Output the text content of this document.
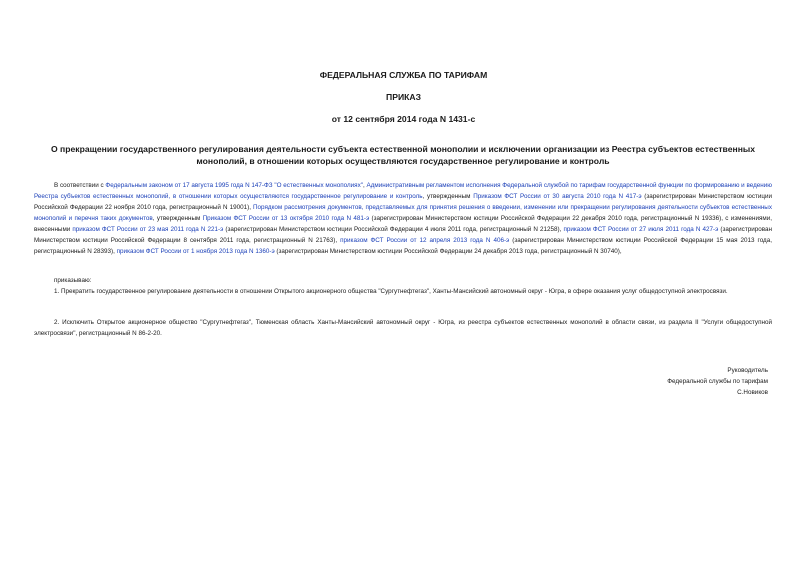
ФЕДЕРАЛЬНАЯ СЛУЖБА ПО ТАРИФАМ
ПРИКАЗ
от 12 сентября 2014 года N 1431-с
О прекращении государственного регулирования деятельности субъекта естественной монополии и исключении организации из Реестра субъектов естественных монополий, в отношении которых осуществляются государственное регулирование и контроль
В соответствии с Федеральным законом от 17 августа 1995 года N 147-ФЗ "О естественных монополиях", Административным регламентом исполнения Федеральной службой по тарифам государственной функции по формированию и ведению Реестра субъектов естественных монополий, в отношении которых осуществляются государственное регулирование и контроль, утвержденным Приказом ФСТ России от 30 августа 2010 года N 417-э (зарегистрирован Министерством юстиции Российской Федерации 22 ноября 2010 года, регистрационный N 19001), Порядком рассмотрения документов, представляемых для принятия решения о введении, изменении или прекращении регулирования деятельности субъектов естественных монополий и перечня таких документов, утвержденным Приказом ФСТ России от 13 октября 2010 года N 481-э (зарегистрирован Министерством юстиции Российской Федерации 22 декабря 2010 года, регистрационный N 19336), с изменениями, внесенными приказом ФСТ России от 23 мая 2011 года N 221-э (зарегистрирован Министерством юстиции Российской Федерации 4 июля 2011 года, регистрационный N 21258), приказом ФСТ России от 27 июля 2011 года N 427-э (зарегистрирован Министерством юстиции Российской Федерации 8 сентября 2011 года, регистрационный N 21763), приказом ФСТ России от 12 апреля 2013 года N 406-э (зарегистрирован Министерством юстиции Российской Федерации 15 мая 2013 года, регистрационный N 28393), приказом ФСТ России от 1 ноября 2013 года N 1360-э (зарегистрирован Министерством юстиции Российской Федерации 24 декабря 2013 года, регистрационный N 30740),
приказываю:
1. Прекратить государственное регулирование деятельности в отношении Открытого акционерного общества "Сургутнефтегаз", Ханты-Мансийский автономный округ - Югра, в сфере оказания услуг общедоступной электросвязи.
2. Исключить Открытое акционерное общество "Сургутнефтегаз", Тюменская область Ханты-Мансийский автономный округ - Югра, из реестра субъектов естественных монополий в области связи, из раздела II "Услуги общедоступной электросвязи", регистрационный N 86-2-20.
Руководитель
Федеральной службы по тарифам
С.Новиков
